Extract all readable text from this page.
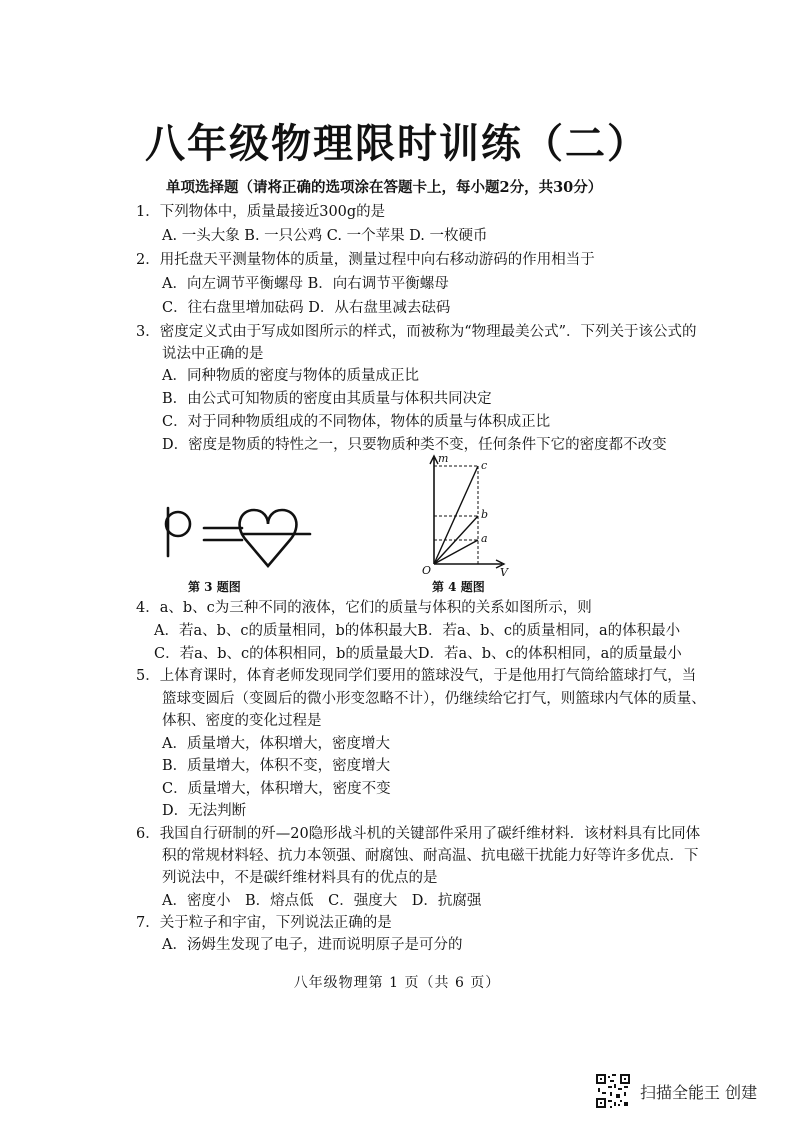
八年级物理限时训练（二）
单项选择题（请将正确的选项涂在答题卡上，每小题2分，共30分）
1．下列物体中，质量最接近300g的是
A. 一头大象 B. 一只公鸡 C. 一个苹果 D. 一枚硬币
2．用托盘天平测量物体的质量，测量过程中向右移动游码的作用相当于
A．向左调节平衡螺母 B．向右调节平衡螺母
C．往右盘里增加砝码 D．从右盘里减去砝码
3．密度定义式由于写成如图所示的样式，而被称为“物理最美公式”．下列关于该公式的
说法中正确的是
A．同种物质的密度与物体的质量成正比
B．由公式可知物质的密度由其质量与体积共同决定
C．对于同种物质组成的不同物体，物体的质量与体积成正比
D．密度是物质的特性之一，只要物质种类不变，任何条件下它的密度都不改变
第 3 题图
m
V
O
a
b
c
第 4 题图
4．a、b、c为三种不同的液体，它们的质量与体积的关系如图所示，则
A．若a、b、c的质量相同，b的体积最大B．若a、b、c的质量相同，a的体积最小
C．若a、b、c的体积相同，b的质量最大D．若a、b、c的体积相同，a的质量最小
5．上体育课时，体育老师发现同学们要用的篮球没气，于是他用打气筒给篮球打气，当
篮球变圆后（变圆后的微小形变忽略不计），仍继续给它打气，则篮球内气体的质量、
体积、密度的变化过程是
A．质量增大，体积增大，密度增大
B．质量增大，体积不变，密度增大
C．质量增大，体积增大，密度不变
D．无法判断
6．我国自行研制的歼—20隐形战斗机的关键部件采用了碳纤维材料．该材料具有比同体
积的常规材料轻、抗力本领强、耐腐蚀、耐高温、抗电磁干扰能力好等许多优点．下
列说法中，不是碳纤维材料具有的优点的是
A．密度小　B．熔点低　C．强度大　D．抗腐强
7．关于粒子和宇宙，下列说法正确的是
A．汤姆生发现了电子，进而说明原子是可分的
八年级物理第 1 页（共 6 页）
扫描全能王 创建
